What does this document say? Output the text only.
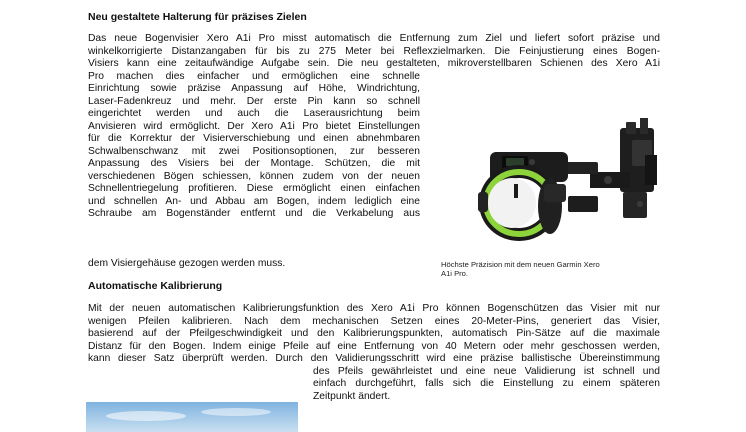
Neu gestaltete Halterung für präzises Zielen

Das neue Bogenvisier Xero A1i Pro misst automatisch die Entfernung zum Ziel und liefert sofort präzise und

winkelkorrigierte Distanzangaben für bis zu 275 Meter bei Reflexzielmarken. Die Feinjustierung eines Bogen-

Visiers kann eine zeitaufwändige Aufgabe sein. Die neu gestalteten, mikroverstellbaren Schienen des Xero A1i

Pro machen dies einfacher und ermöglichen eine schnelle

Einrichtung sowie präzise Anpassung auf Höhe, Windrichtung,

Laser-Fadenkreuz und mehr. Der erste Pin kann so schnell

eingerichtet werden und auch die Laserausrichtung beim

Anvisieren wird ermöglicht. Der Xero A1i Pro bietet Einstellungen

für die Korrektur der Visierverschiebung und einen abnehmbaren

Schwalbenschwanz mit zwei Positionsoptionen, zur besseren

Anpassung des Visiers bei der Montage. Schützen, die mit

verschiedenen Bögen schiessen, können zudem von der neuen

Schnellentriegelung profitieren. Diese ermöglicht einen einfachen

und schnellen An- und Abbau am Bogen, indem lediglich eine

Schraube am Bogenständer entfernt und die Verkabelung aus

dem Visiergehäuse gezogen werden muss.	Höchste Präzision mit dem neuen Garmin Xero
A1i Pro.
Automatische Kalibrierung

Mit der neuen automatischen Kalibrierungsfunktion des Xero A1i Pro können Bogenschützen das Visier mit nur

wenigen Pfeilen kalibrieren. Nach dem mechanischen Setzen eines 20-Meter-Pins, generiert das Visier,

basierend auf der Pfeilgeschwindigkeit und den Kalibrierungspunkten, automatisch Pin-Sätze auf die maximale

Distanz für den Bogen. Indem einige Pfeile auf eine Entfernung von 40 Metern oder mehr geschossen werden,

kann dieser Satz überprüft werden. Durch den Validierungsschritt wird eine präzise ballistische Übereinstimmung

des Pfeils gewährleistet und eine neue Validierung ist schnell und

einfach durchgeführt, falls sich die Einstellung zu einem späteren

Zeitpunkt ändert.
